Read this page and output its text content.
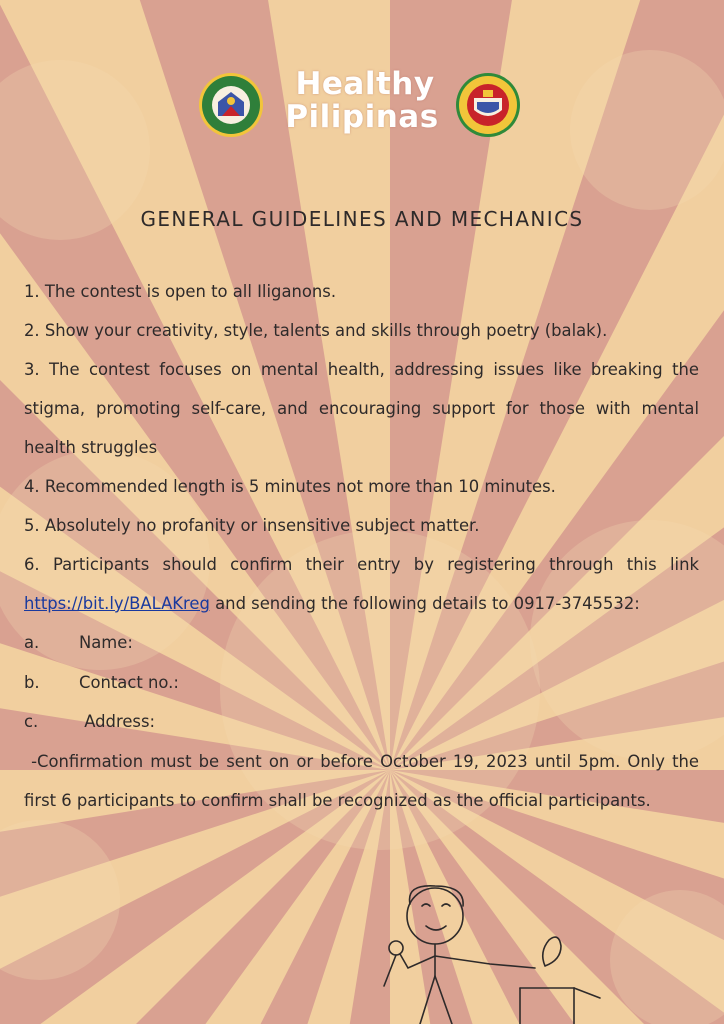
Healthy
Pilipinas
GENERAL GUIDELINES AND MECHANICS

1. The contest is open to all Iliganons.

2. Show your creativity, style, talents and skills through poetry (balak).

3. The contest focuses on mental health, addressing issues like breaking the stigma, promoting self-care, and encouraging support for those with mental health struggles

4. Recommended length is 5 minutes not more than 10 minutes.

5. Absolutely no profanity or insensitive subject matter.

6. Participants should confirm their entry by registering through this link https://bit.ly/BALAKreg and sending the following details to 0917-3745532:

a.	Name:
b.	Contact no.:
c.	Address:

-Confirmation must be sent on or before October 19, 2023 until 5pm. Only the first 6 participants to confirm shall be recognized as the official participants.
